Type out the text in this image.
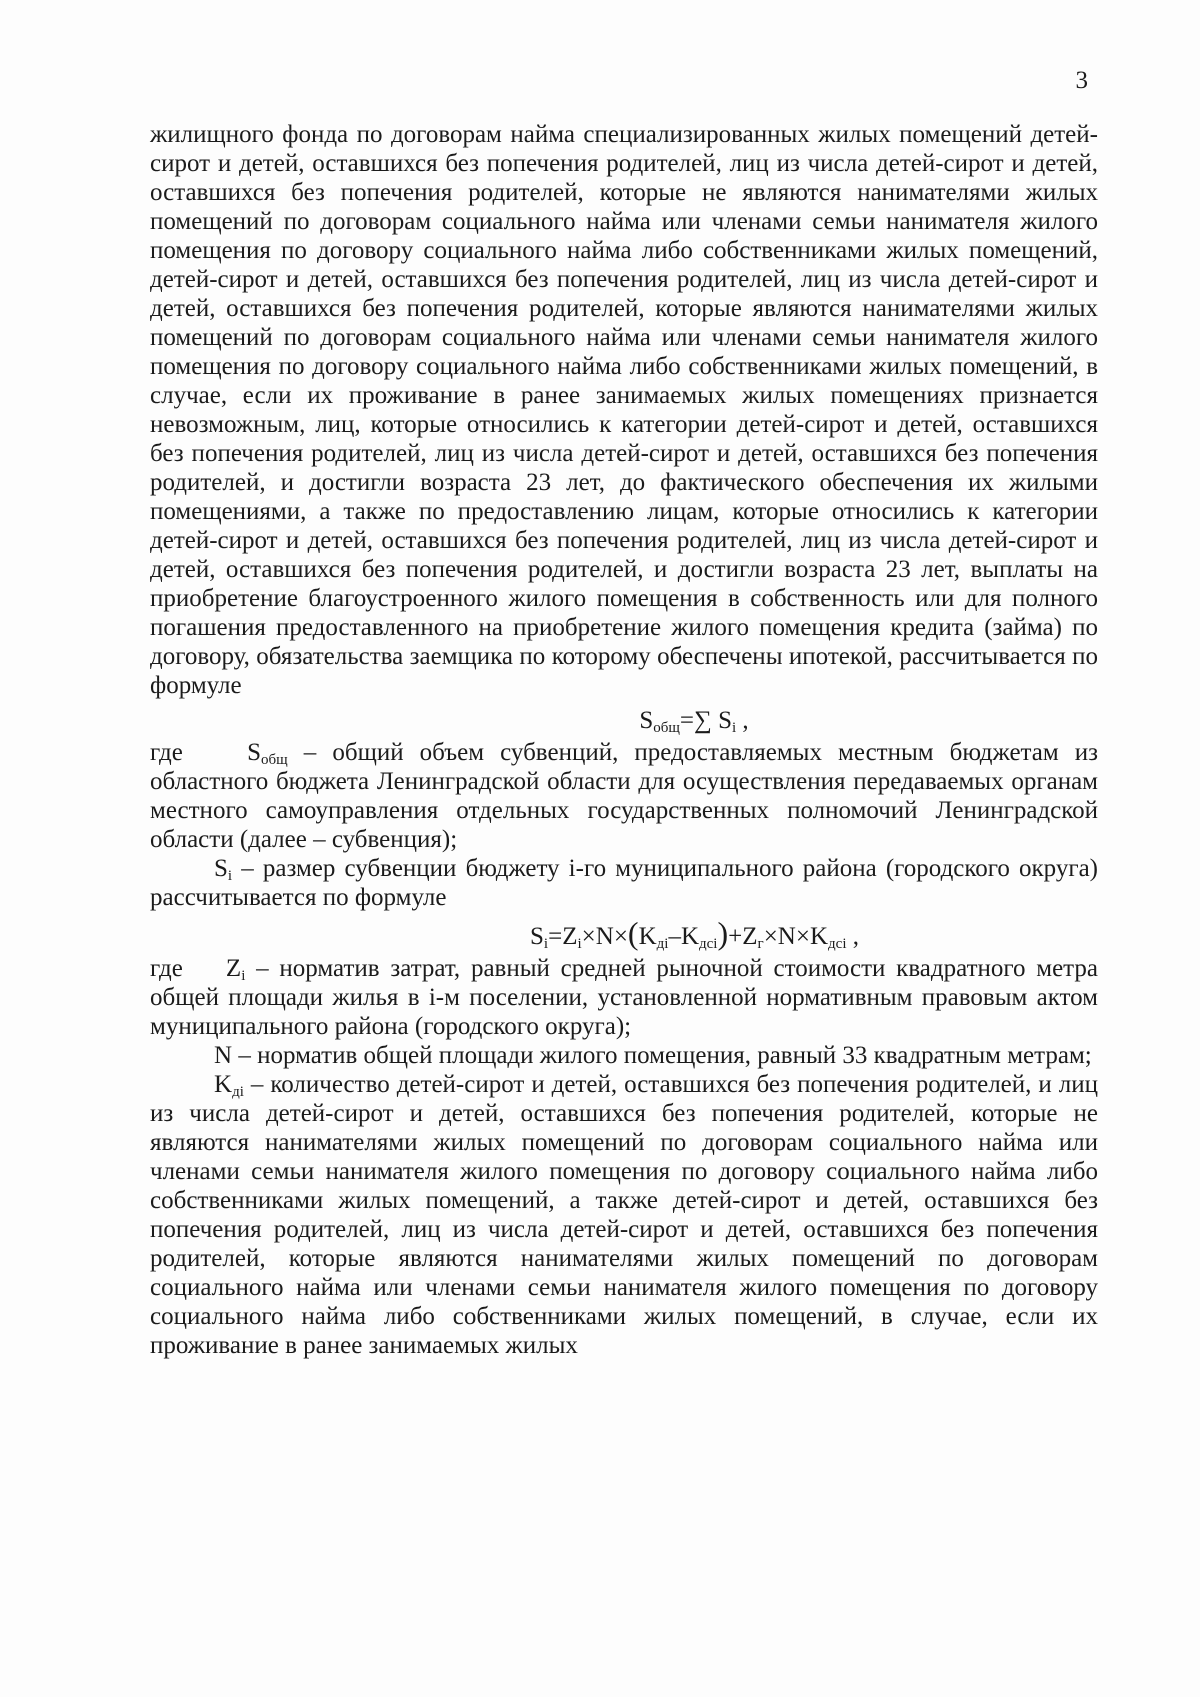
3

жилищного фонда по договорам найма специализированных жилых помещений детей-сирот и детей, оставшихся без попечения родителей, лиц из числа детей-сирот и детей, оставшихся без попечения родителей, которые не являются нанимателями жилых помещений по договорам социального найма или членами семьи нанимателя жилого помещения по договору социального найма либо собственниками жилых помещений, детей-сирот и детей, оставшихся без попечения родителей, лиц из числа детей-сирот и детей, оставшихся без попечения родителей, которые являются нанимателями жилых помещений по договорам социального найма или членами семьи нанимателя жилого помещения по договору социального найма либо собственниками жилых помещений, в случае, если их проживание в ранее занимаемых жилых помещениях признается невозможным, лиц, которые относились к категории детей-сирот и детей, оставшихся без попечения родителей, лиц из числа детей-сирот и детей, оставшихся без попечения родителей, и достигли возраста 23 лет, до фактического обеспечения их жилыми помещениями, а также по предоставлению лицам, которые относились к категории детей-сирот и детей, оставшихся без попечения родителей, лиц из числа детей-сирот и детей, оставшихся без попечения родителей, и достигли возраста 23 лет, выплаты на приобретение благоустроенного жилого помещения в собственность или для полного погашения предоставленного на приобретение жилого помещения кредита (займа) по договору, обязательства заемщика по которому обеспечены ипотекой, рассчитывается по формуле

$S_{общ}=\sum$ $S_i$ ,

где	$S_{общ}$ – общий объем субвенций, предоставляемых местным бюджетам из областного бюджета Ленинградской области для осуществления передаваемых органам местного самоуправления отдельных государственных полномочий Ленинградской области (далее – субвенция);

$S_i$ – размер субвенции бюджету i-го муниципального района (городского округа) рассчитывается по формуле

$S_i=Z_i\times N\times(K_{дi}-K_{дсi})+Z_г\times N\times K_{дсi}$ ,

где $Z_i$ – норматив затрат, равный средней рыночной стоимости квадратного метра общей площади жилья в i-м поселении, установленной нормативным правовым актом муниципального района (городского округа);

N – норматив общей площади жилого помещения, равный 33 квадратным метрам;

$K_{дi}$ – количество детей-сирот и детей, оставшихся без попечения родителей, и лиц из числа детей-сирот и детей, оставшихся без попечения родителей, которые не являются нанимателями жилых помещений по договорам социального найма или членами семьи нанимателя жилого помещения по договору социального найма либо собственниками жилых помещений, а также детей-сирот и детей, оставшихся без попечения родителей, лиц из числа детей-сирот и детей, оставшихся без попечения родителей, которые являются нанимателями жилых помещений по договорам социального найма или членами семьи нанимателя жилого помещения по договору социального найма либо собственниками жилых помещений, в случае, если их проживание в ранее занимаемых жилых
